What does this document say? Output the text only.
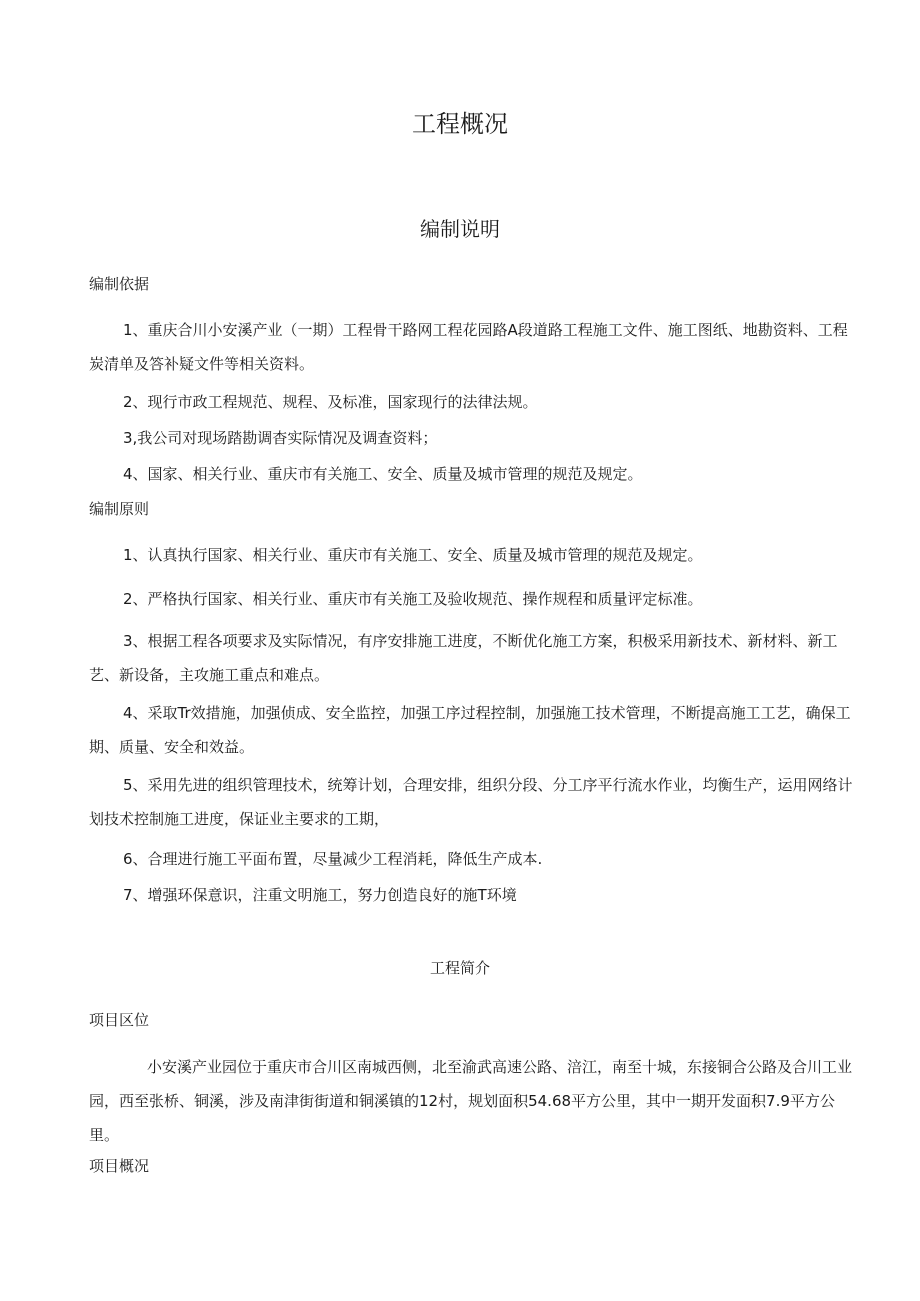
工程概况
编制说明
编制依据
1、重庆合川小安溪产业（一期）工程骨干路网工程花园路A段道路工程施工文件、施工图纸、地勘资料、工程炭清单及答补疑文件等相关资料。
2、现行市政工程规范、规程、及标准，国家现行的法律法规。
3,我公司对现场踏勘调杳实际情况及调查资料；
4、国家、相关行业、重庆市有关施工、安全、质量及城市管理的规范及规定。
编制原则
1、认真执行国家、相关行业、重庆市有关施工、安全、质量及城市管理的规范及规定。
2、严格执行国家、相关行业、重庆市有关施工及验收规范、操作规程和质量评定标准。
3、根据工程各项要求及实际情况，有序安排施工进度，不断优化施工方案，积极采用新技术、新材料、新工艺、新设备，主攻施工重点和难点。
4、采取Tr效措施，加强侦成、安全监控，加强工序过程控制，加强施工技术管理，不断提高施工工艺，确保工期、质量、安全和效益。
5、采用先进的组织管理技术，统筹计划，合理安排，组织分段、分工序平行流水作业，均衡生产，运用网络计划技术控制施工进度，保证业主要求的工期，
6、合理进行施工平面布置，尽量减少工程消耗，降低生产成本.
7、增强环保意识，注重文明施工，努力创造良好的施T环境
工程简介
项目区位
小安溪产业园位于重庆市合川区南城西侧，北至渝武高速公路、涪江，南至十城，东接铜合公路及合川工业园，西至张桥、铜溪，涉及南津街街道和铜溪镇的12村，规划面积54.68平方公里，其中一期开发面积7.9平方公里。
项目概况
